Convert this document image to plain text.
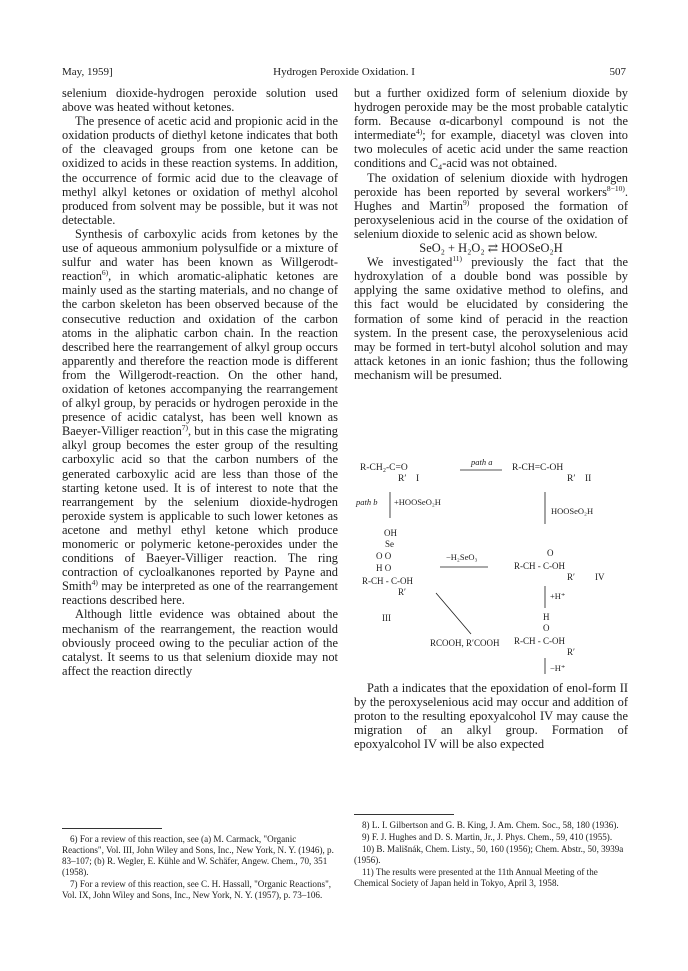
May, 1959]	Hydrogen Peroxide Oxidation. I	507

selenium dioxide-hydrogen peroxide solution used above was heated without ketones.

The presence of acetic acid and propionic acid in the oxidation products of diethyl ketone indicates that both of the cleavaged groups from one ketone can be oxidized to acids in these reaction systems. In addition, the occurrence of formic acid due to the cleavage of methyl alkyl ketones or oxidation of methyl alcohol produced from solvent may be possible, but it was not detectable.

Synthesis of carboxylic acids from ketones by the use of aqueous ammonium polysulfide or a mixture of sulfur and water has been known as Willgerodt-reaction$^{6)}$, in which aromatic-aliphatic ketones are mainly used as the starting materials, and no change of the carbon skeleton has been observed because of the consecutive reduction and oxidation of the carbon atoms in the aliphatic carbon chain. In the reaction described here the rearrangement of alkyl group occurs apparently and therefore the reaction mode is different from the Willgerodt-reaction. On the other hand, oxidation of ketones accompanying the rearrangement of alkyl group, by peracids or hydrogen peroxide in the presence of acidic catalyst, has been well known as Baeyer-Villiger reaction$^{7)}$, but in this case the migrating alkyl group becomes the ester group of the resulting carboxylic acid so that the carbon numbers of the generated carboxylic acid are less than those of the starting ketone used. It is of interest to note that the rearrangement by the selenium dioxide-hydrogen peroxide system is applicable to such lower ketones as acetone and methyl ethyl ketone which produce monomeric or polymeric ketone-peroxides under the conditions of Baeyer-Villiger reaction. The ring contraction of cycloalkanones reported by Payne and Smith$^{4)}$ may be interpreted as one of the rearrangement reactions described here.

Although little evidence was obtained about the mechanism of the rearrangement, the reaction would obviously proceed owing to the peculiar action of the catalyst. It seems to us that selenium dioxide may not affect the reaction directly

but a further oxidized form of selenium dioxide by hydrogen peroxide may be the most probable catalytic form. Because α-dicarbonyl compound is not the intermediate$^{4)}$; for example, diacetyl was cloven into two molecules of acetic acid under the same reaction conditions and C₄-acid was not obtained.

The oxidation of selenium dioxide with hydrogen peroxide has been reported by several workers$^{8-10)}$. Hughes and Martin$^{9)}$ proposed the formation of peroxyselenious acid in the course of the oxidation of selenium dioxide to selenic acid as shown below.

SeO₂ + H₂O₂ ⇄ HOOSeO₂H

We investigated$^{11)}$ previously the fact that the hydroxylation of a double bond was possible by applying the same oxidative method to olefins, and this fact would be elucidated by considering the formation of some kind of peracid in the reaction system. In the present case, the peroxyselenious acid may be formed in tert-butyl alcohol solution and may attack ketones in an ionic fashion; thus the following mechanism will be presumed.

R-CH₂-C=O
R′ I
path a
R-CH=C-OH
R′ II
path b +HOOSeO₂H
HOOSeO₂H
OH
Se
O O
H O
R-CH - C-OH
R′
III
−H₂SeO₃	O
R-CH - C-OH
R′ IV
+H⁺
RCOOH, R′COOH
H
O
R-CH - C-OH
R′
−H⁺

Path a indicates that the epoxidation of enol-form II by the peroxyselenious acid may occur and addition of proton to the resulting epoxyalcohol IV may cause the migration of an alkyl group. Formation of epoxyalcohol IV will be also expected

6) For a review of this reaction, see (a) M. Carmack, "Organic Reactions", Vol. III, John Wiley and Sons, Inc., New York, N. Y. (1946), p. 83–107; (b) R. Wegler, E. Kühle and W. Schäfer, Angew. Chem., 70, 351 (1958).

7) For a review of this reaction, see C. H. Hassall, "Organic Reactions", Vol. IX, John Wiley and Sons, Inc., New York, N. Y. (1957), p. 73–106.

8) L. I. Gilbertson and G. B. King, J. Am. Chem. Soc., 58, 180 (1936).

9) F. J. Hughes and D. S. Martin, Jr., J. Phys. Chem., 59, 410 (1955).

10) B. Mališnák, Chem. Listy., 50, 160 (1956); Chem. Abstr., 50, 3939a (1956).

11) The results were presented at the 11th Annual Meeting of the Chemical Society of Japan held in Tokyo, April 3, 1958.
